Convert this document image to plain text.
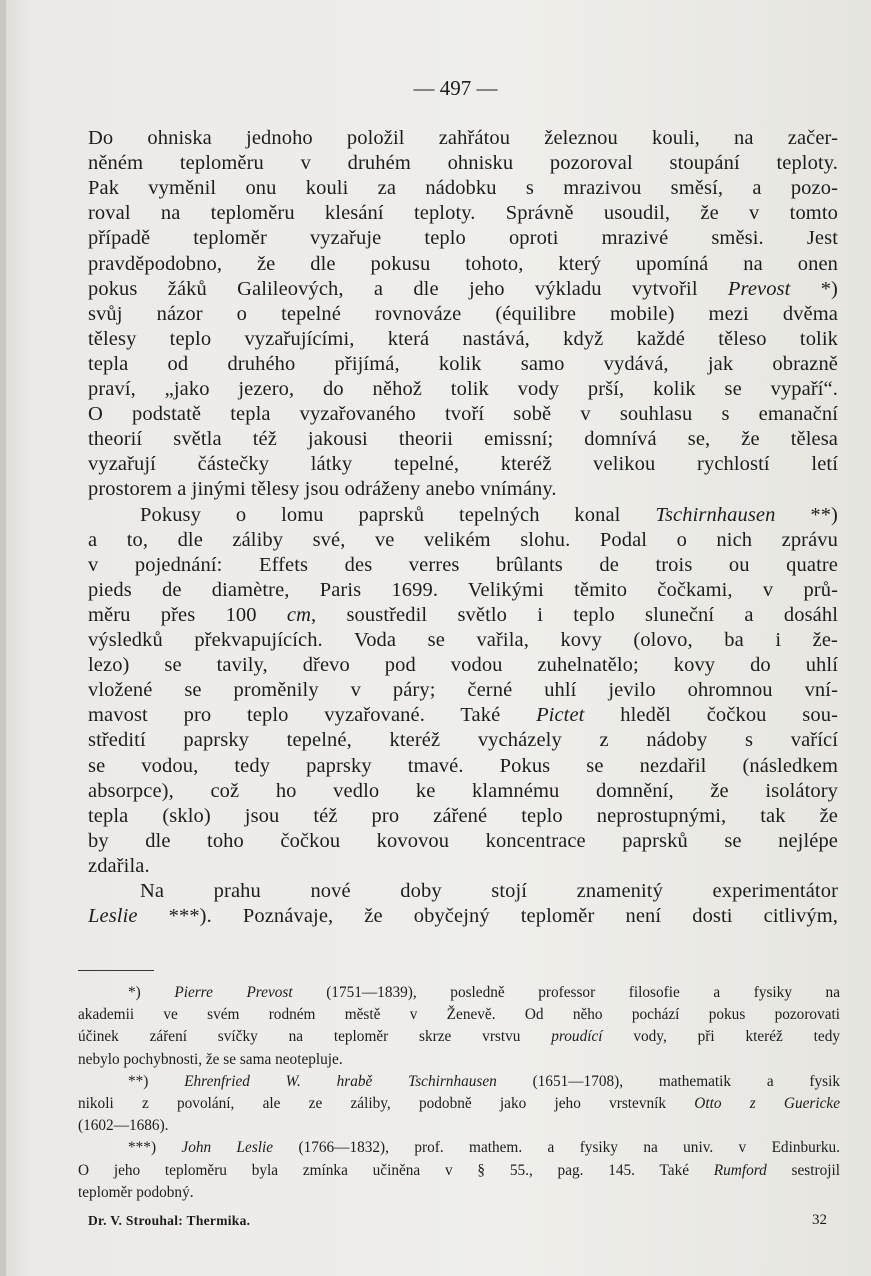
— 497 —
Do ohniska jednoho položil zahřátou železnou kouli, na začer-
něném teploměru v druhém ohnisku pozoroval stoupání teploty.
Pak vyměnil onu kouli za nádobku s mrazivou směsí, a pozo-
roval na teploměru klesání teploty. Správně usoudil, že v tomto
případě teploměr vyzařuje teplo oproti mrazivé směsi. Jest
pravděpodobno, že dle pokusu tohoto, který upomíná na onen
pokus žáků Galileových, a dle jeho výkladu vytvořil Prevost *)
svůj názor o tepelné rovnováze (équilibre mobile) mezi dvěma
tělesy teplo vyzařujícími, která nastává, když každé těleso tolik
tepla od druhého přijímá, kolik samo vydává, jak obrazně
praví, „jako jezero, do něhož tolik vody prší, kolik se vypaří“.
O podstatě tepla vyzařovaného tvoří sobě v souhlasu s emanační
theorií světla též jakousi theorii emissní; domnívá se, že tělesa
vyzařují částečky látky tepelné, kteréž velikou rychlostí letí
prostorem a jinými tělesy jsou odráženy anebo vnímány.
Pokusy o lomu paprsků tepelných konal Tschirnhausen **)
a to, dle záliby své, ve velikém slohu. Podal o nich zprávu
v pojednání: Effets des verres brûlants de trois ou quatre
pieds de diamètre, Paris 1699. Velikými těmito čočkami, v prů-
měru přes 100 cm, soustředil světlo i teplo sluneční a dosáhl
výsledků překvapujících. Voda se vařila, kovy (olovo, ba i že-
lezo) se tavily, dřevo pod vodou zuhelnatělo; kovy do uhlí
vložené se proměnily v páry; černé uhlí jevilo ohromnou vní-
mavost pro teplo vyzařované. Také Pictet hleděl čočkou sou-
středití paprsky tepelné, kteréž vycházely z nádoby s vařící
se vodou, tedy paprsky tmavé. Pokus se nezdařil (následkem
absorpce), což ho vedlo ke klamnému domnění, že isolátory
tepla (sklo) jsou též pro zářené teplo neprostupnými, tak že
by dle toho čočkou kovovou koncentrace paprsků se nejlépe
zdařila.
Na prahu nové doby stojí znamenitý experimentátor
Leslie ***). Poznávaje, že obyčejný teploměr není dosti citlivým,
*) Pierre Prevost (1751—1839), posledně professor filosofie a fysiky na
akademii ve svém rodném městě v Ženevě. Od něho pochází pokus pozorovati
účinek záření svíčky na teploměr skrze vrstvu proudící vody, při kteréž tedy
nebylo pochybnosti, že se sama neotepluje.
**) Ehrenfried W. hrabě Tschirnhausen (1651—1708), mathematik a fysik
nikoli z povolání, ale ze záliby, podobně jako jeho vrstevník Otto z Guericke
(1602—1686).
***) John Leslie (1766—1832), prof. mathem. a fysiky na univ. v Edinburku.
O jeho teploměru byla zmínka učiněna v § 55., pag. 145. Také Rumford sestrojil
teploměr podobný.
Dr. V. Strouhal: Thermika.	32
